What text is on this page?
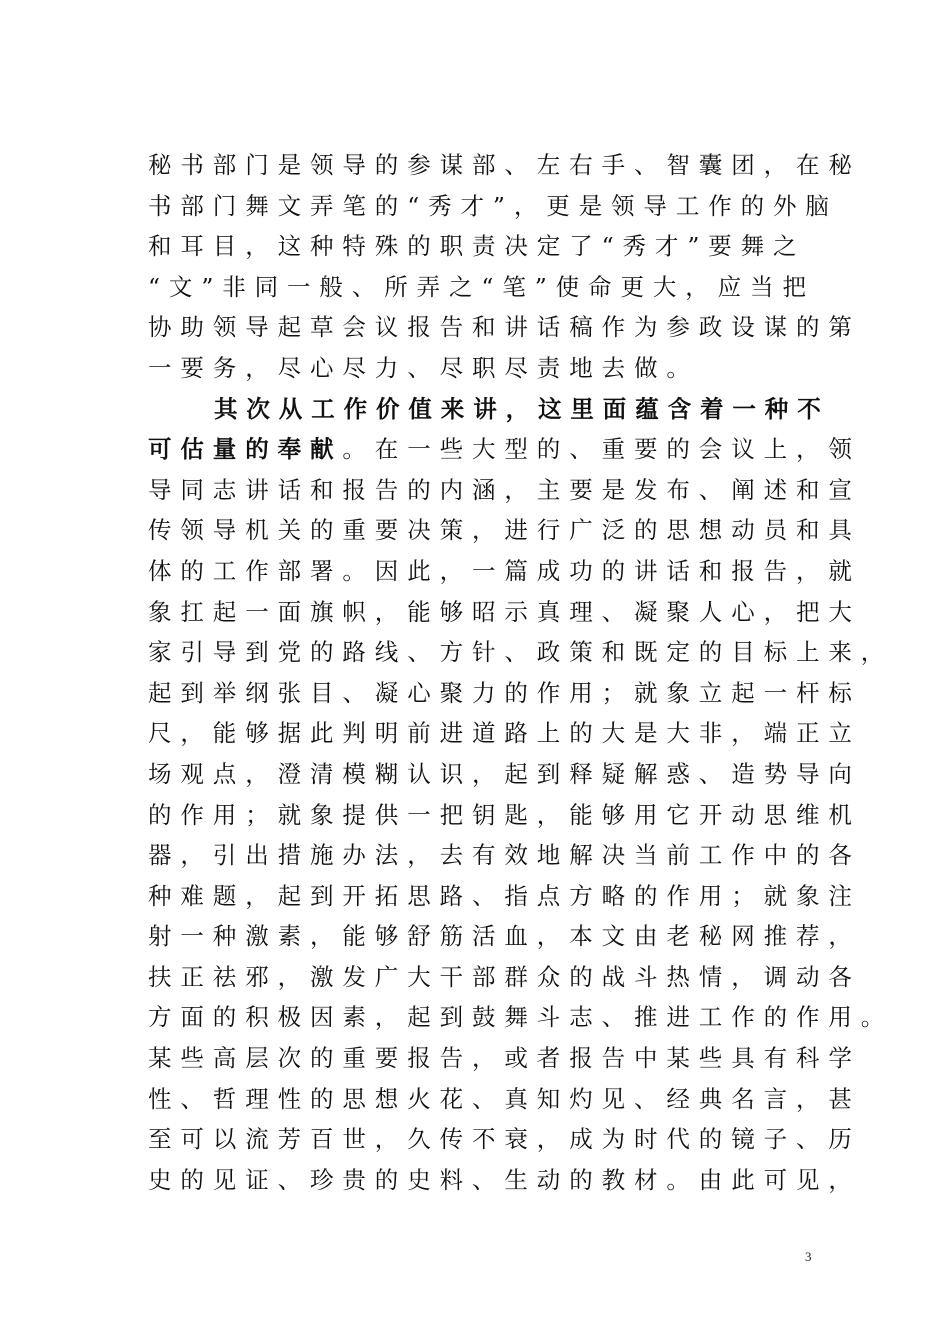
秘书部门是领导的参谋部、左右手、智囊团，在秘
书部门舞文弄笔的“秀才”，更是领导工作的外脑
和耳目，这种特殊的职责决定了“秀才”要舞之
“文”非同一般、所弄之“笔”使命更大，应当把
协助领导起草会议报告和讲话稿作为参政设谋的第
一要务，尽心尽力、尽职尽责地去做。
其次从工作价值来讲，这里面蕴含着一种不
可估量的奉献。在一些大型的、重要的会议上，领
导同志讲话和报告的内涵，主要是发布、阐述和宣
传领导机关的重要决策，进行广泛的思想动员和具
体的工作部署。因此，一篇成功的讲话和报告，就
象扛起一面旗帜，能够昭示真理、凝聚人心，把大
家引导到党的路线、方针、政策和既定的目标上来，
起到举纲张目、凝心聚力的作用；就象立起一杆标
尺，能够据此判明前进道路上的大是大非，端正立
场观点，澄清模糊认识，起到释疑解惑、造势导向
的作用；就象提供一把钥匙，能够用它开动思维机
器，引出措施办法，去有效地解决当前工作中的各
种难题，起到开拓思路、指点方略的作用；就象注
射一种激素，能够舒筋活血，本文由老秘网推荐，
扶正祛邪，激发广大干部群众的战斗热情，调动各
方面的积极因素，起到鼓舞斗志、推进工作的作用。
某些高层次的重要报告，或者报告中某些具有科学
性、哲理性的思想火花、真知灼见、经典名言，甚
至可以流芳百世，久传不衰，成为时代的镜子、历
史的见证、珍贵的史料、生动的教材。由此可见，
3
